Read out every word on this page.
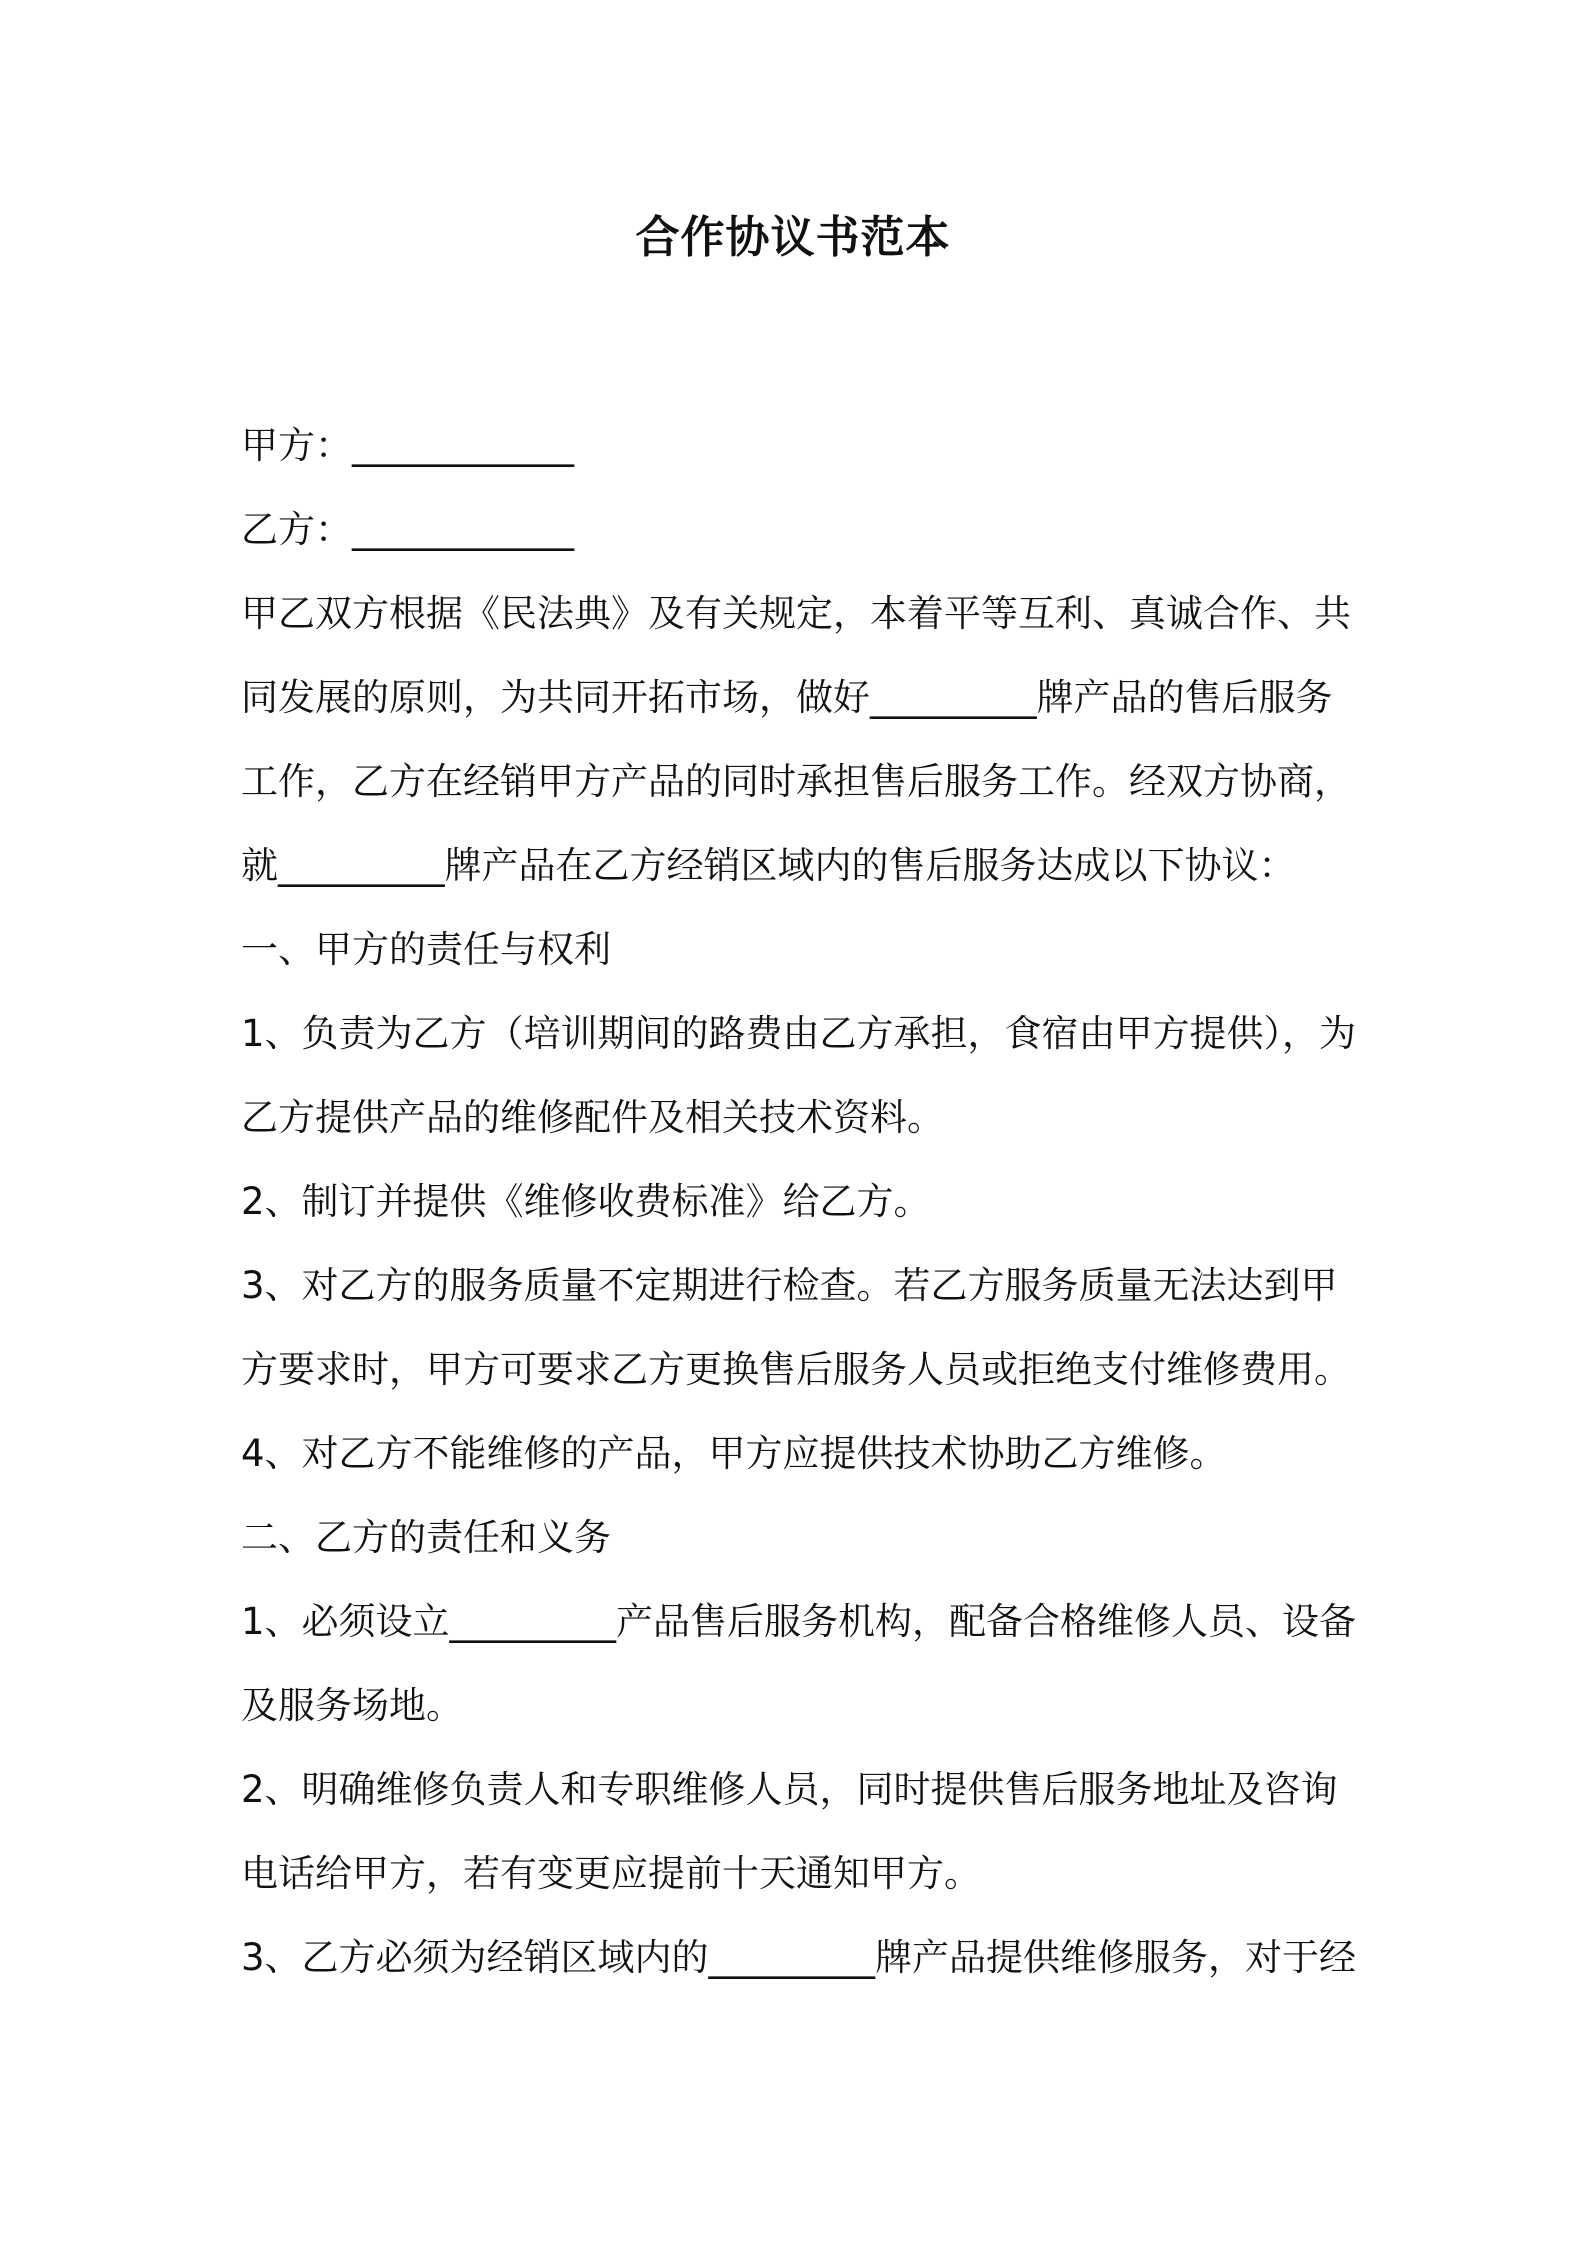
合作协议书范本
甲方：____________
乙方：____________
甲乙双方根据《民法典》及有关规定，本着平等互利、真诚合作、共
同发展的原则，为共同开拓市场，做好_________牌产品的售后服务
工作，乙方在经销甲方产品的同时承担售后服务工作。经双方协商，
就_________牌产品在乙方经销区域内的售后服务达成以下协议：
一、甲方的责任与权利
1、负责为乙方（培训期间的路费由乙方承担，食宿由甲方提供），为
乙方提供产品的维修配件及相关技术资料。
2、制订并提供《维修收费标准》给乙方。
3、对乙方的服务质量不定期进行检查。若乙方服务质量无法达到甲
方要求时，甲方可要求乙方更换售后服务人员或拒绝支付维修费用。
4、对乙方不能维修的产品，甲方应提供技术协助乙方维修。
二、乙方的责任和义务
1、必须设立_________产品售后服务机构，配备合格维修人员、设备
及服务场地。
2、明确维修负责人和专职维修人员，同时提供售后服务地址及咨询
电话给甲方，若有变更应提前十天通知甲方。
3、乙方必须为经销区域内的_________牌产品提供维修服务，对于经
